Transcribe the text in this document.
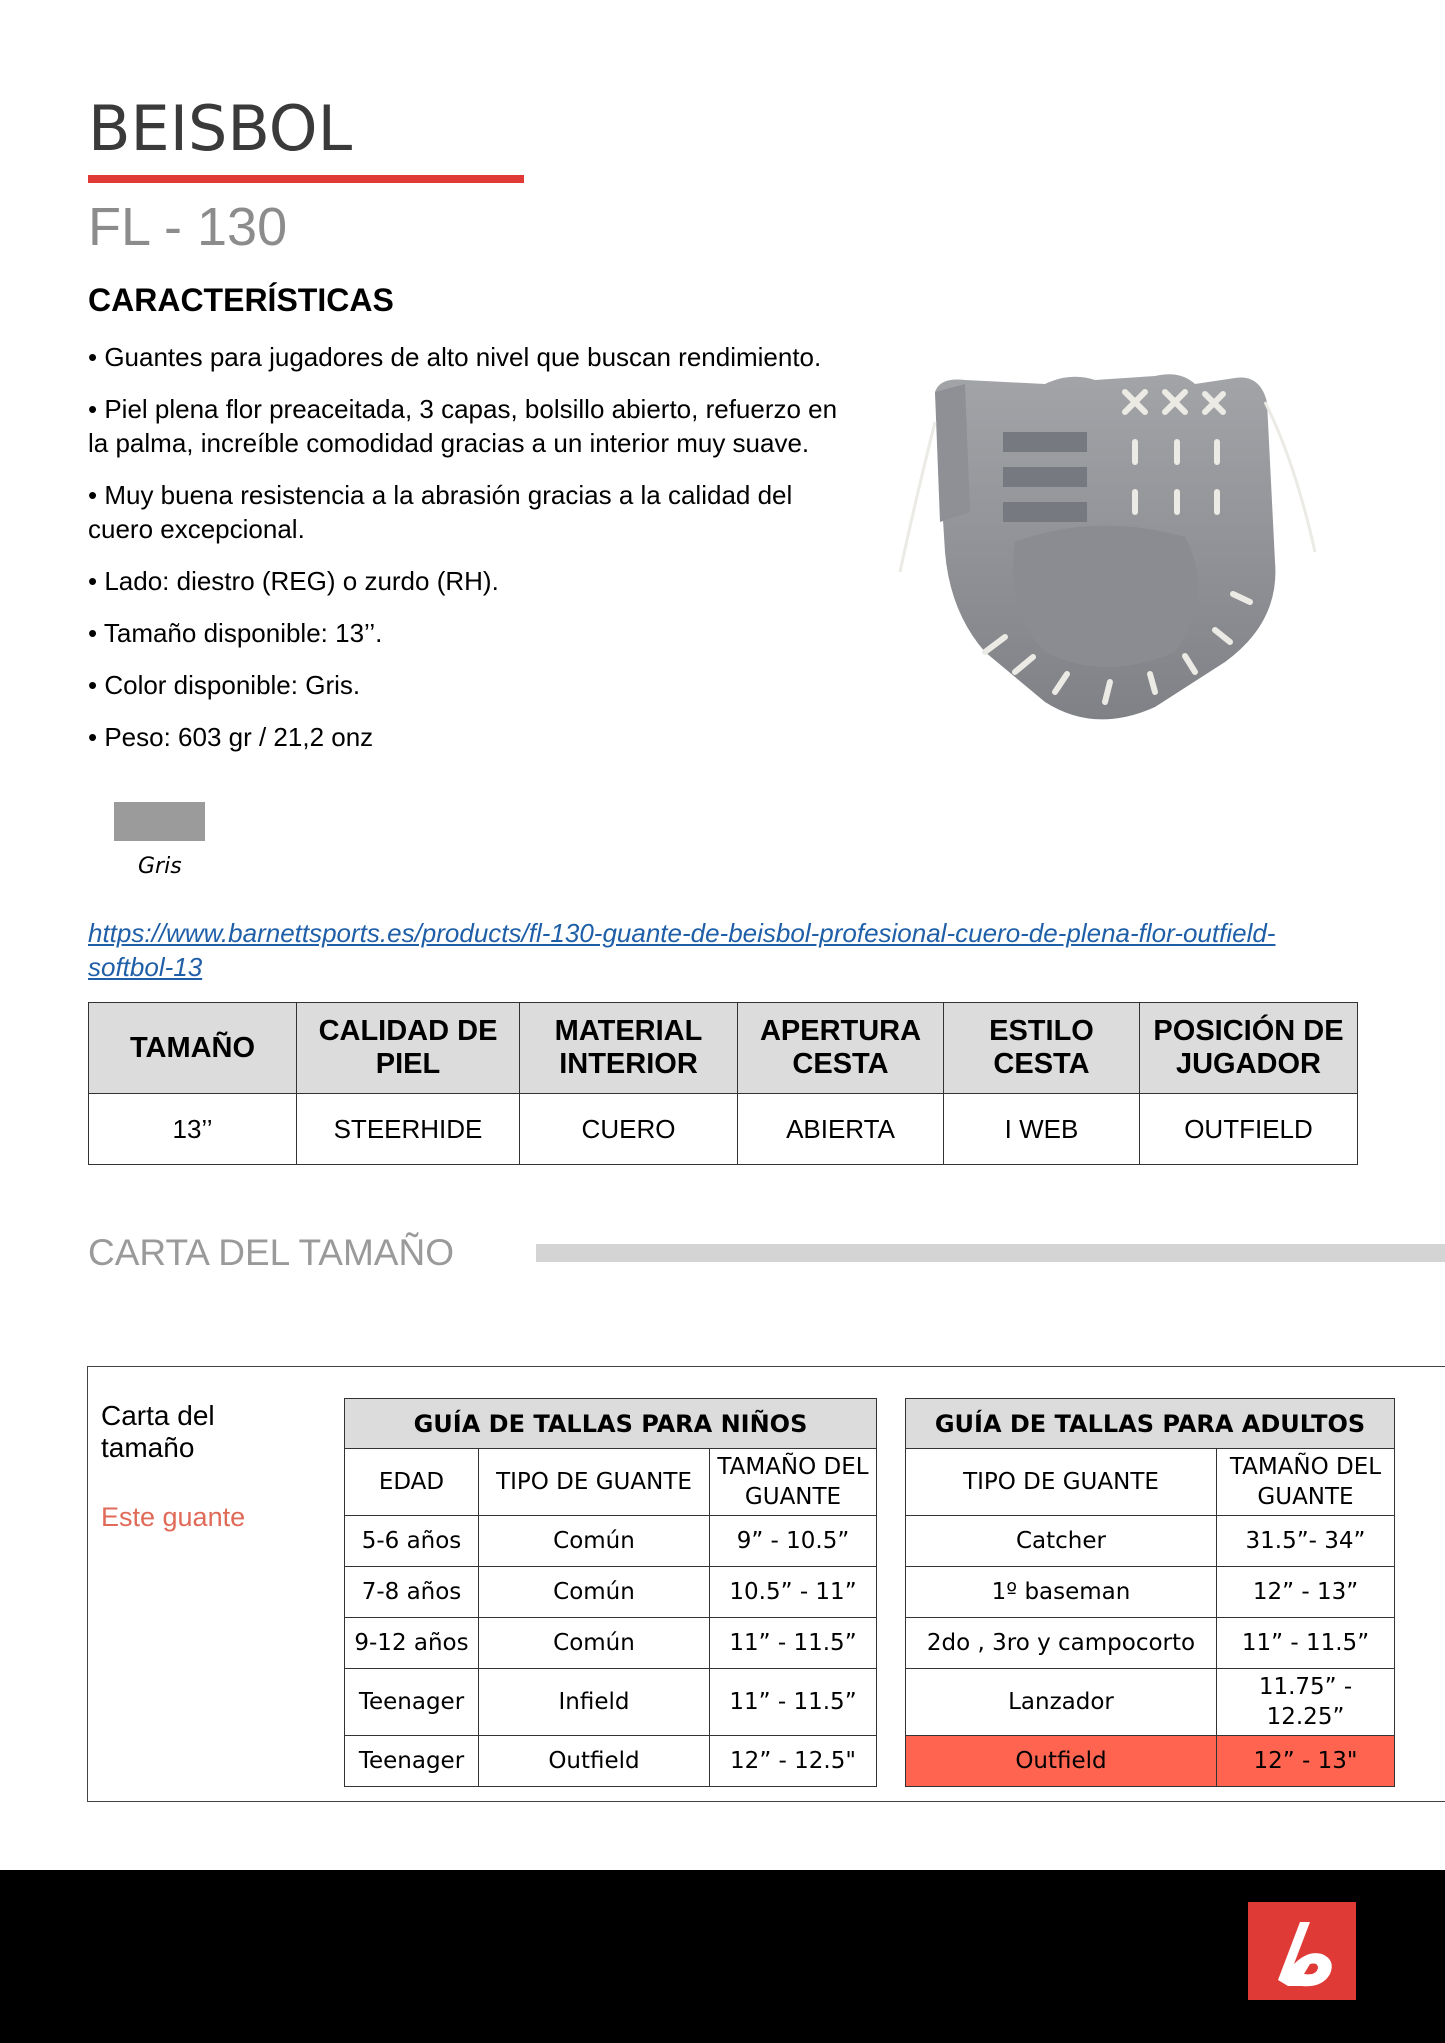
BEISBOL
FL - 130
CARACTERÍSTICAS

• Guantes para jugadores de alto nivel que buscan rendimiento.

• Piel plena flor preaceitada, 3 capas, bolsillo abierto, refuerzo en la palma, increíble comodidad gracias a un interior muy suave.

• Muy buena resistencia a la abrasión gracias a la calidad del cuero excepcional.

• Lado: diestro (REG) o zurdo (RH).

• Tamaño disponible: 13’’.

• Color disponible: Gris.

• Peso: 603 gr / 21,2 onz

Gris
https://www.barnettsports.es/products/fl-130-guante-de-beisbol-profesional-cuero-de-plena-flor-outfield-softbol-13
TAMAÑO	CALIDAD DE PIEL	MATERIAL INTERIOR	APERTURA CESTA	ESTILO CESTA	POSICIÓN DE JUGADOR
13’’	STEERHIDE	CUERO	ABIERTA	I WEB	OUTFIELD
CARTA DEL TAMAÑO
Carta del tamaño
Este guante
GUÍA DE TALLAS PARA NIÑOS		
EDAD	TIPO DE GUANTE	TAMAÑO DEL GUANTE
5-6 años	Común	9” - 10.5”
7-8 años	Común	10.5” - 11”
9-12 años	Común	11” - 11.5”
Teenager	Infield	11” - 11.5”
Teenager	Outfield	12” - 12.5"
GUÍA DE TALLAS PARA ADULTOS	
TIPO DE GUANTE	TAMAÑO DEL GUANTE
Catcher	31.5”- 34”
1º baseman	12” - 13”
2do , 3ro y campocorto	11” - 11.5”
Lanzador	11.75” - 12.25”
Outfield	12” - 13"
